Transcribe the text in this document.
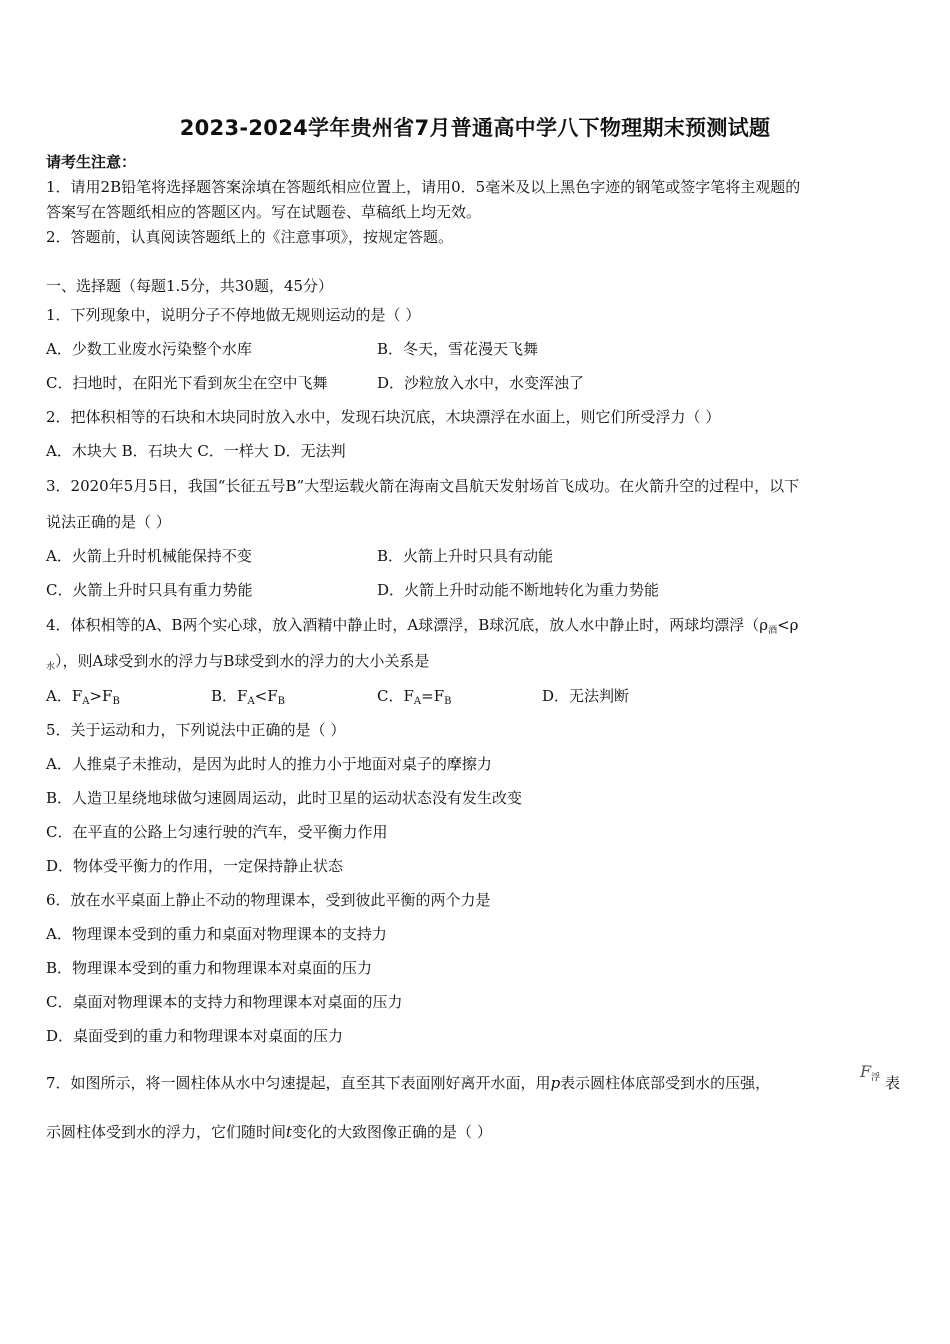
2023-2024学年贵州省7月普通高中学八下物理期末预测试题
请考生注意：
1．请用2B铅笔将选择题答案涂填在答题纸相应位置上，请用0．5毫米及以上黑色字迹的钢笔或签字笔将主观题的
答案写在答题纸相应的答题区内。写在试题卷、草稿纸上均无效。
2．答题前，认真阅读答题纸上的《注意事项》，按规定答题。
一、选择题（每题1.5分，共30题，45分）
1．下列现象中，说明分子不停地做无规则运动的是（ ）
A．少数工业废水污染整个水库	B．冬天，雪花漫天飞舞
C．扫地时，在阳光下看到灰尘在空中飞舞	D．沙粒放入水中，水变浑浊了
2．把体积相等的石块和木块同时放入水中，发现石块沉底，木块漂浮在水面上，则它们所受浮力（ ）
A．木块大 B．石块大 C．一样大 D．无法判
3．2020年5月5日，我国“长征五号B”大型运载火箭在海南文昌航天发射场首飞成功。在火箭升空的过程中，以下
说法正确的是（ ）
A．火箭上升时机械能保持不变	B．火箭上升时只具有动能
C．火箭上升时只具有重力势能	D．火箭上升时动能不断地转化为重力势能
4．体积相等的A、B两个实心球，放入酒精中静止时，A球漂浮，B球沉底，放人水中静止时，两球均漂浮（$\rho_酒<\rho$
$_水$），则A球受到水的浮力与B球受到水的浮力的大小关系是
A．$F_A>F_B$	B．$F_A<F_B$	C．$F_A=F_B$	D．无法判断
5．关于运动和力，下列说法中正确的是（ ）
A．人推桌子未推动，是因为此时人的推力小于地面对桌子的摩擦力
B．人造卫星绕地球做匀速圆周运动，此时卫星的运动状态没有发生改变
C．在平直的公路上匀速行驶的汽车，受平衡力作用
D．物体受平衡力的作用，一定保持静止状态
6．放在水平桌面上静止不动的物理课本，受到彼此平衡的两个力是
A．物理课本受到的重力和桌面对物理课本的支持力
B．物理课本受到的重力和物理课本对桌面的压力
C．桌面对物理课本的支持力和物理课本对桌面的压力
D．桌面受到的重力和物理课本对桌面的压力
7．如图所示，将一圆柱体从水中匀速提起，直至其下表面刚好离开水面，用p表示圆柱体底部受到水的压强，
$F_浮$ 表
示圆柱体受到水的浮力，它们随时间t变化的大致图像正确的是（ ）
